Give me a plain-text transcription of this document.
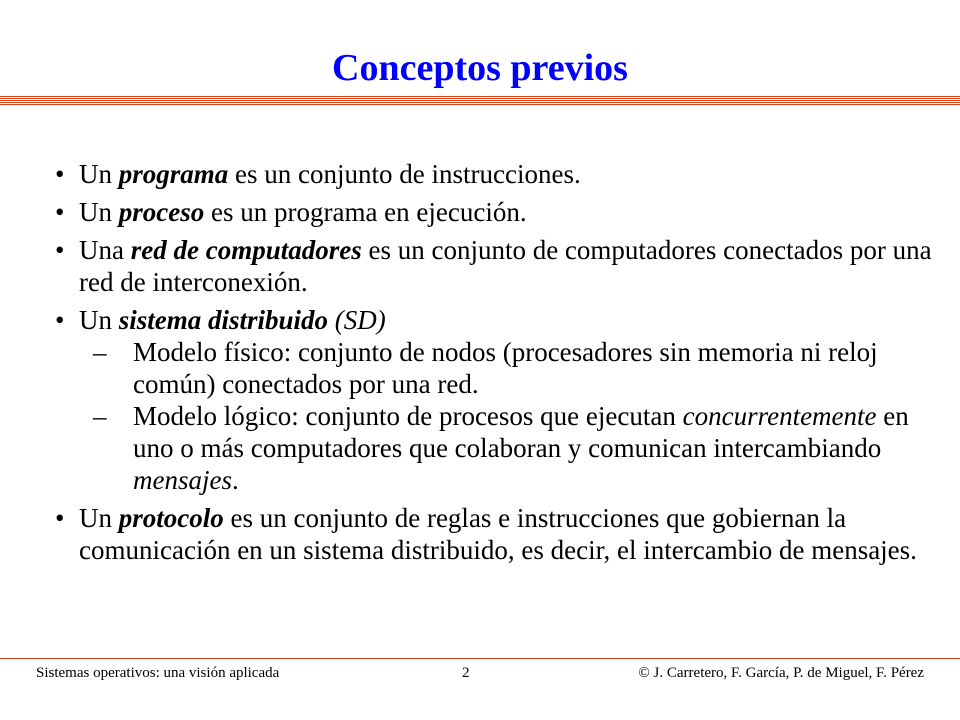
Conceptos previos
• Un programa es un conjunto de instrucciones.
• Un proceso es un programa en ejecución.
• Una red de computadores es un conjunto de computadores conectados por una red de interconexión.
• Un sistema distribuido (SD)
– Modelo físico: conjunto de nodos (procesadores sin memoria ni reloj común) conectados por una red.
– Modelo lógico: conjunto de procesos que ejecutan concurrentemente en uno o más computadores que colaboran y comunican intercambiando mensajes.
• Un protocolo es un conjunto de reglas e instrucciones que gobiernan la comunicación en un sistema distribuido, es decir, el intercambio de mensajes.
Sistemas operativos: una visión aplicada	2	© J. Carretero, F. García, P. de Miguel, F. Pérez
